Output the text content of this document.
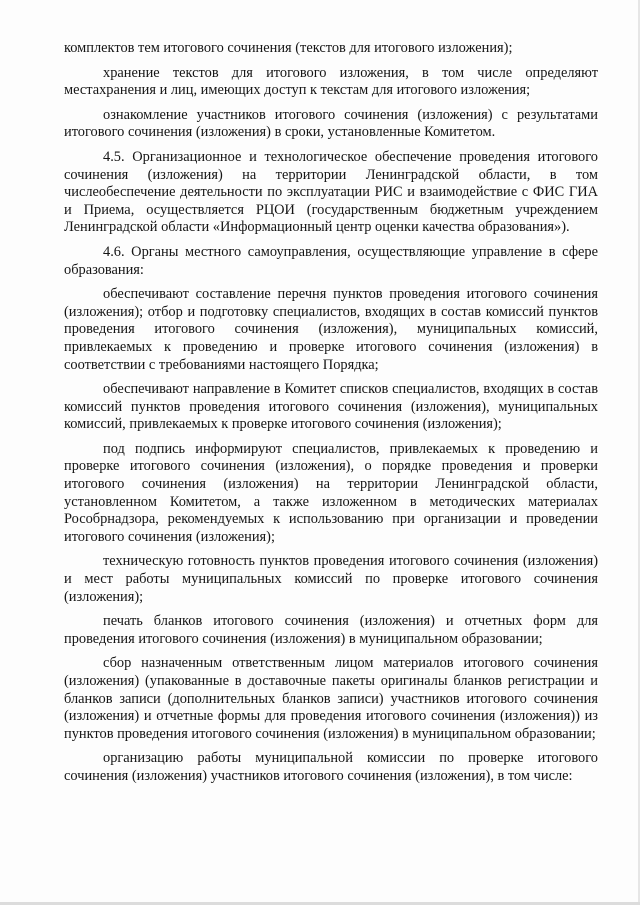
комплектов тем итогового сочинения (текстов для итогового изложения);

хранение текстов для итогового изложения, в том числе определяют местахранения и лиц, имеющих доступ к текстам для итогового изложения;

ознакомление участников итогового сочинения (изложения) с результатами итогового сочинения (изложения) в сроки, установленные Комитетом.

4.5. Организационное и технологическое обеспечение проведения итогового сочинения (изложения) на территории Ленинградской области, в том числеобеспечение деятельности по эксплуатации РИС и взаимодействие с ФИС ГИА и Приема, осуществляется РЦОИ (государственным бюджетным учреждением Ленинградской области «Информационный центр оценки качества образования»).

4.6. Органы местного самоуправления, осуществляющие управление в сфере образования:

обеспечивают составление перечня пунктов проведения итогового сочинения (изложения); отбор и подготовку специалистов, входящих в состав комиссий пунктов проведения итогового сочинения (изложения), муниципальных комиссий, привлекаемых к проведению и проверке итогового сочинения (изложения) в соответствии с требованиями настоящего Порядка;

обеспечивают направление в Комитет списков специалистов, входящих в состав комиссий пунктов проведения итогового сочинения (изложения), муниципальных комиссий, привлекаемых к проверке итогового сочинения (изложения);

под подпись информируют специалистов, привлекаемых к проведению и проверке итогового сочинения (изложения), о порядке проведения и проверки итогового сочинения (изложения) на территории Ленинградской области, установленном Комитетом, а также изложенном в методических материалах Рособрнадзора, рекомендуемых к использованию при организации и проведении итогового сочинения (изложения);

техническую готовность пунктов проведения итогового сочинения (изложения) и мест работы муниципальных комиссий по проверке итогового сочинения (изложения);

печать бланков итогового сочинения (изложения) и отчетных форм для проведения итогового сочинения (изложения) в муниципальном образовании;

сбор назначенным ответственным лицом материалов итогового сочинения (изложения) (упакованные в доставочные пакеты оригиналы бланков регистрации и бланков записи (дополнительных бланков записи) участников итогового сочинения (изложения) и отчетные формы для проведения итогового сочинения (изложения)) из пунктов проведения итогового сочинения (изложения) в муниципальном образовании;

организацию работы муниципальной комиссии по проверке итогового сочинения (изложения) участников итогового сочинения (изложения), в том числе:
